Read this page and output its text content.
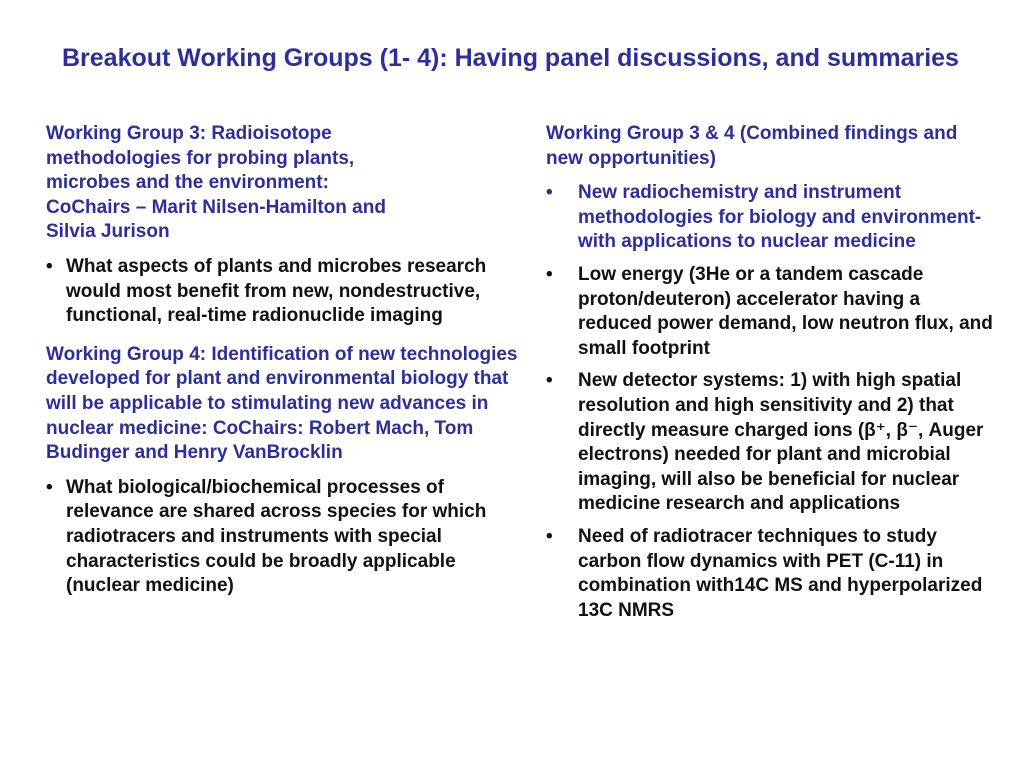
Breakout Working Groups (1- 4): Having panel discussions, and summaries
Working Group 3: Radioisotope
methodologies for probing plants,
microbes and the environment:
CoChairs – Marit Nilsen-Hamilton and
Silvia Jurison
• What aspects of plants and microbes research would most benefit from new, nondestructive, functional, real-time radionuclide imaging
Working Group 4: Identification of new technologies developed for plant and environmental biology that will be applicable to stimulating new advances in nuclear medicine: CoChairs: Robert Mach, Tom Budinger and Henry VanBrocklin
• What biological/biochemical processes of relevance are shared across species for which radiotracers and instruments with special characteristics could be broadly applicable (nuclear medicine)
Working Group 3 & 4 (Combined findings and new opportunities)
• New radiochemistry and instrument methodologies for biology and environment- with applications to nuclear medicine
• Low energy (3He or a tandem cascade proton/deuteron) accelerator having a reduced power demand, low neutron flux, and small footprint
• New detector systems: 1) with high spatial resolution and high sensitivity and 2) that directly measure charged ions (β⁺, β⁻, Auger electrons) needed for plant and microbial imaging, will also be beneficial for nuclear medicine research and applications
• Need of radiotracer techniques to study carbon flow dynamics with PET (C-11) in combination with14C MS and hyperpolarized 13C NMRS
